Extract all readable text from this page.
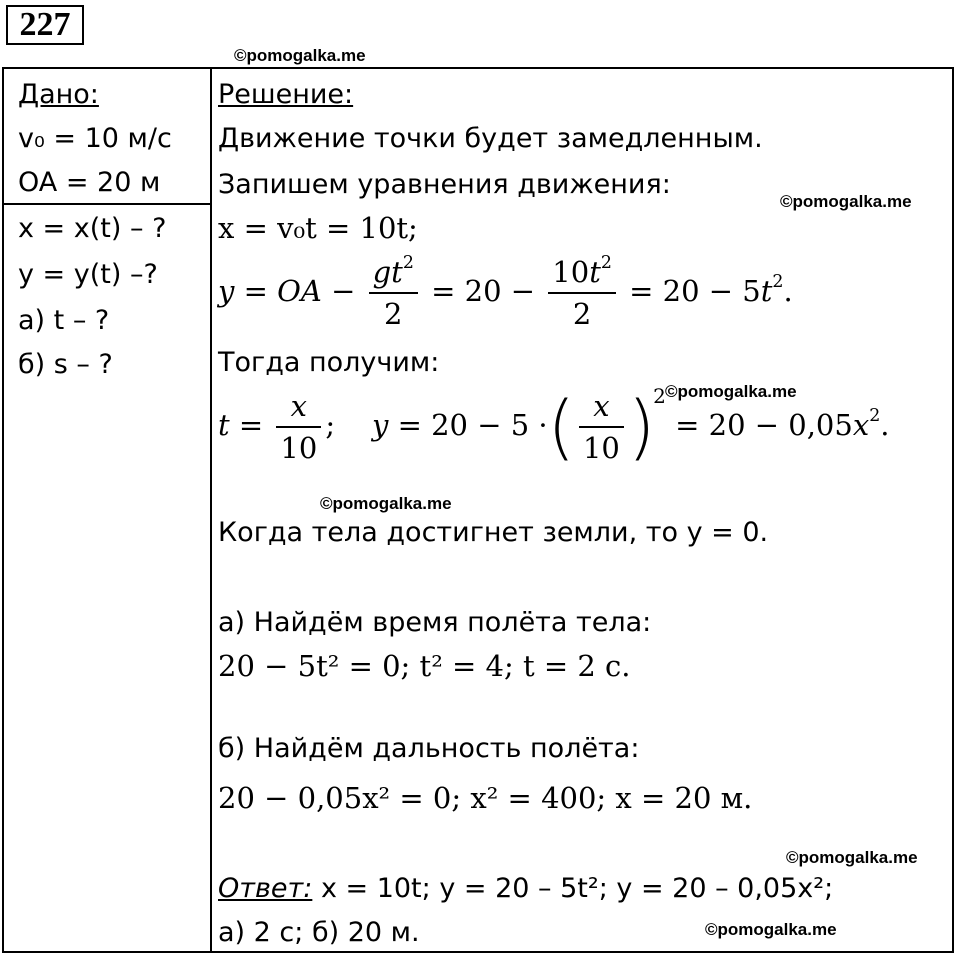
227
©pomogalka.me
Дано:
v₀ = 10 м/с
OA = 20 м
x = x(t) – ?
y = y(t) –?
а) t – ?
б) s – ?
Решение:
Движение точки будет замедленным.
Запишем уравнения движения:
x = v₀t = 10t;
y = OA − $\frac{gt^2}{2} = 20 - \frac{10t^2}{2} = 20 - 5t^2$.
Тогда получим:
$t = \frac{x}{10}$ ;    y = 20 − 5 ·( $\frac{x}{10} )^2 = 20 - 0,05x^2$.
Когда тела достигнет земли, то y = 0.
а) Найдём время полёта тела:
20 − 5t² = 0; t² = 4; t = 2 с.
б) Найдём дальность полёта:
20 − 0,05x² = 0; x² = 400; x = 20 м.
Ответ: x = 10t; y = 20 – 5t²; y = 20 – 0,05x²;
а) 2 с; б) 20 м.
©pomogalka.me
©pomogalka.me
©pomogalka.me
©pomogalka.me
©pomogalka.me
